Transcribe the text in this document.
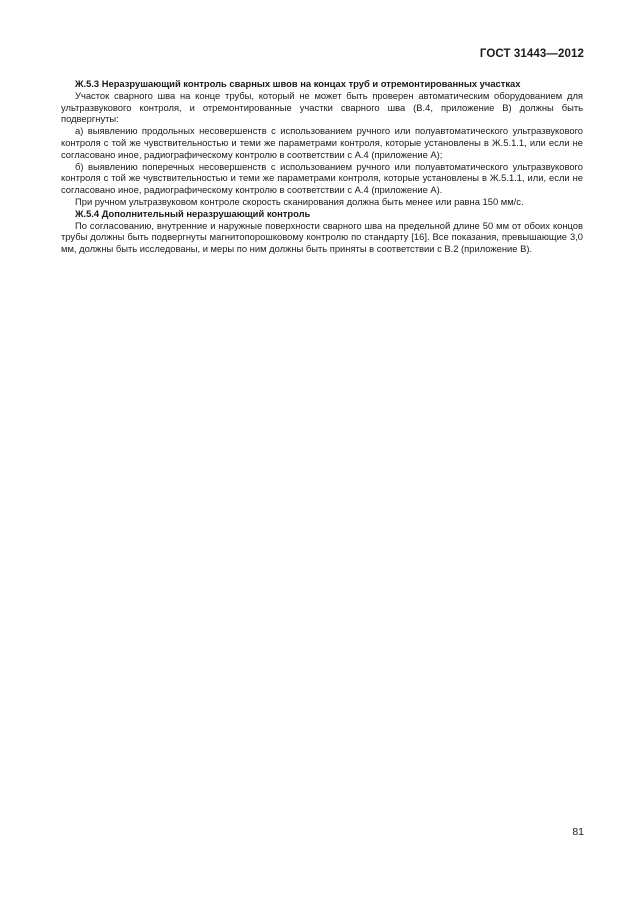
ГОСТ 31443—2012

Ж.5.3 Неразрушающий контроль сварных швов на концах труб и отремонтированных участках

Участок сварного шва на конце трубы, который не может быть проверен автоматическим оборудованием для ультразвукового контроля, и отремонтированные участки сварного шва (В.4, приложение В) должны быть подвергнуты:

а) выявлению продольных несовершенств с использованием ручного или полуавтоматического ультразвукового контроля с той же чувствительностью и теми же параметрами контроля, которые установлены в Ж.5.1.1, или если не согласовано иное, радиографическому контролю в соответствии с А.4 (приложение А);

б) выявлению поперечных несовершенств с использованием ручного или полуавтоматического ультразвукового контроля с той же чувствительностью и теми же параметрами контроля, которые установлены в Ж.5.1.1, или, если не согласовано иное, радиографическому контролю в соответствии с А.4 (приложение А).

При ручном ультразвуковом контроле скорость сканирования должна быть менее или равна 150 мм/с.

Ж.5.4 Дополнительный неразрушающий контроль

По согласованию, внутренние и наружные поверхности сварного шва на предельной длине 50 мм от обоих концов трубы должны быть подвергнуты магнитопорошковому контролю по стандарту [16]. Все показания, превышающие 3,0 мм, должны быть исследованы, и меры по ним должны быть приняты в соответствии с В.2 (приложение В).

81
